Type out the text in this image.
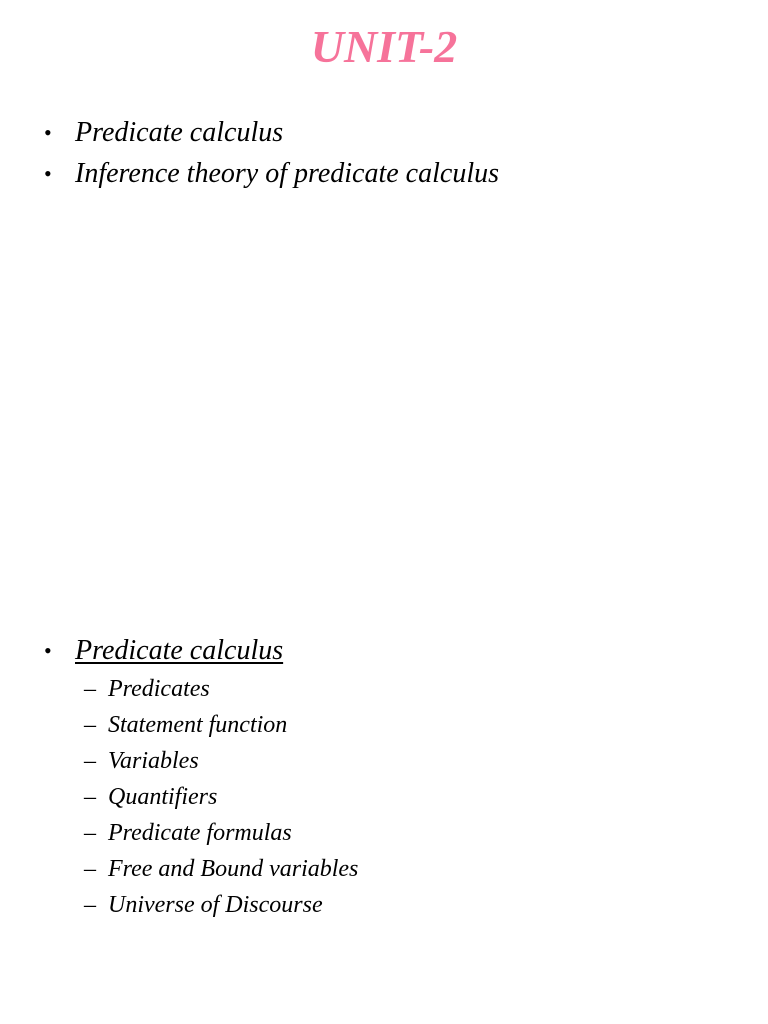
UNIT-2
• Predicate calculus
• Inference theory of predicate calculus
• Predicate calculus
– Predicates
– Statement function
– Variables
– Quantifiers
– Predicate formulas
– Free and Bound variables
– Universe of Discourse
